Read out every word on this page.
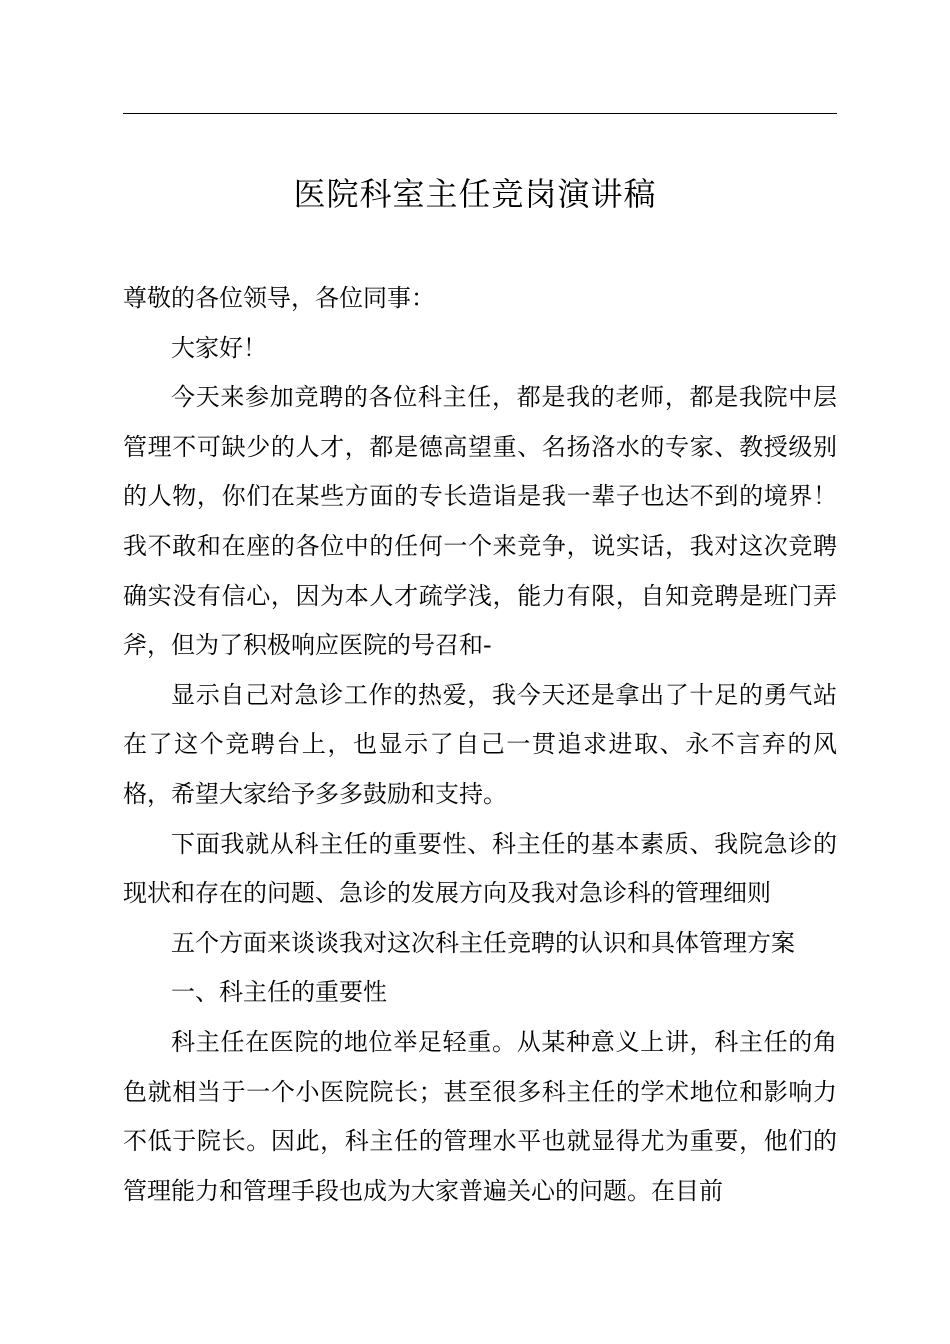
医院科室主任竞岗演讲稿

尊敬的各位领导，各位同事：

大家好！

今天来参加竞聘的各位科主任，都是我的老师，都是我院中层管理不可缺少的人才，都是德高望重、名扬洛水的专家、教授级别的人物，你们在某些方面的专长造诣是我一辈子也达不到的境界！我不敢和在座的各位中的任何一个来竞争，说实话，我对这次竞聘确实没有信心，因为本人才疏学浅，能力有限，自知竞聘是班门弄斧，但为了积极响应医院的号召和-

显示自己对急诊工作的热爱，我今天还是拿出了十足的勇气站在了这个竞聘台上，也显示了自己一贯追求进取、永不言弃的风格，希望大家给予多多鼓励和支持。

下面我就从科主任的重要性、科主任的基本素质、我院急诊的现状和存在的问题、急诊的发展方向及我对急诊科的管理细则

五个方面来谈谈我对这次科主任竞聘的认识和具体管理方案

一、科主任的重要性

科主任在医院的地位举足轻重。从某种意义上讲，科主任的角色就相当于一个小医院院长；甚至很多科主任的学术地位和影响力不低于院长。因此，科主任的管理水平也就显得尤为重要，他们的管理能力和管理手段也成为大家普遍关心的问题。在目前
